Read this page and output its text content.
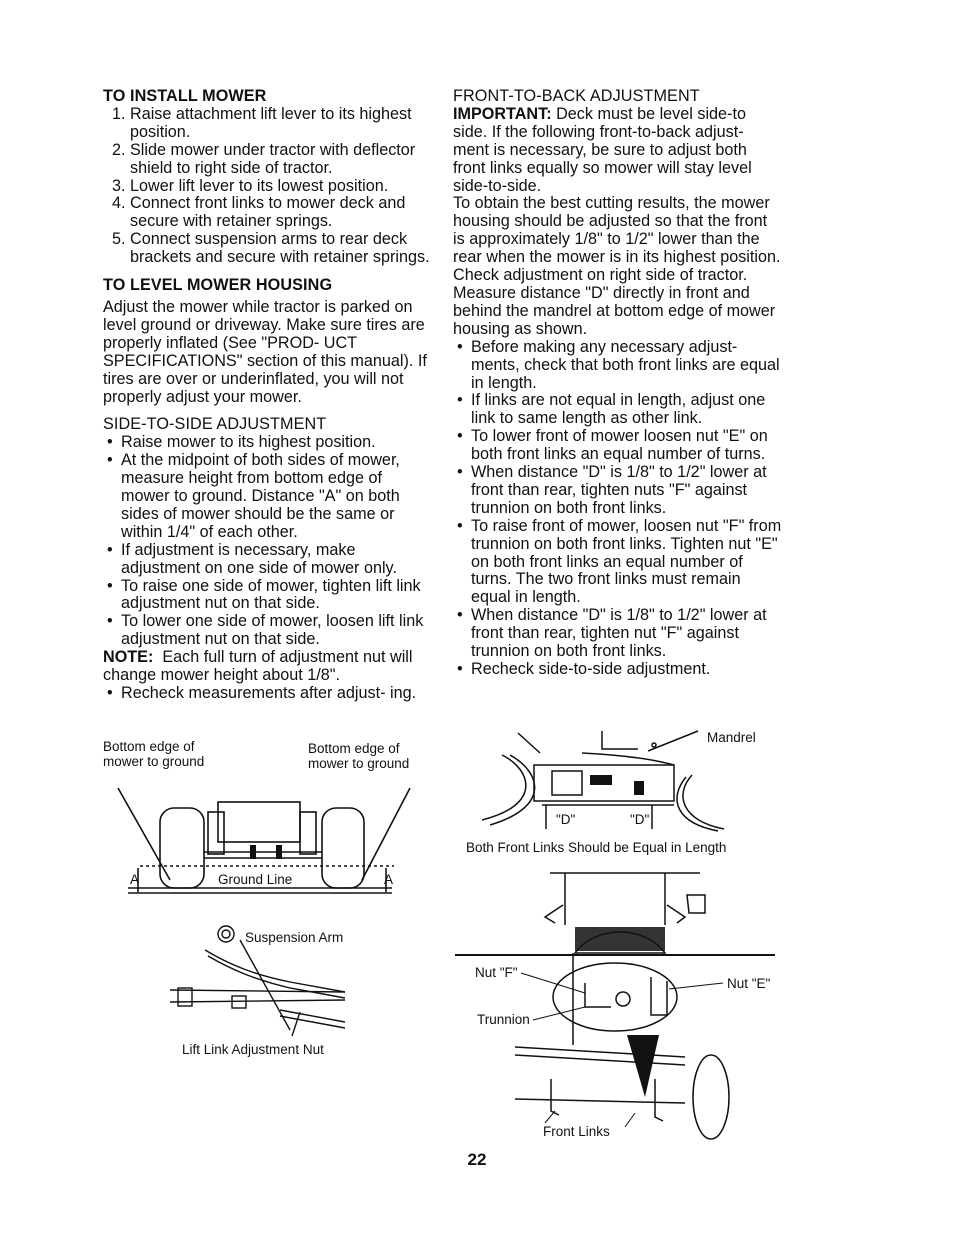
TO INSTALL MOWER
1. Raise attachment lift lever to its highest position.
2. Slide mower under tractor with deflector shield to right side of tractor.
3. Lower lift lever to its lowest position.
4. Connect front links to mower deck and secure with retainer springs.
5. Connect suspension arms to rear deck brackets and secure with retainer springs.
TO LEVEL MOWER HOUSING

Adjust the mower while tractor is parked on level ground or driveway. Make sure tires are properly inflated (See "PROD- UCT SPECIFICATIONS" section of this manual). If tires are over or underinflated, you will not properly adjust your mower.

SIDE-TO-SIDE ADJUSTMENT
• Raise mower to its highest position.
• At the midpoint of both sides of mower, measure height from bottom edge of mower to ground. Distance "A" on both sides of mower should be the same or within 1/4" of each other.
• If adjustment is necessary, make adjustment on one side of mower only.
• To raise one side of mower, tighten lift link adjustment nut on that side.
• To lower one side of mower, loosen lift link adjustment nut on that side.

NOTE: Each full turn of adjustment nut will change mower height about 1/8".

• Recheck measurements after adjust- ing.
Bottom edge of mower to ground
Bottom edge of mower to ground
A	Ground Line	A
Suspension Arm
Lift Link Adjustment Nut
FRONT-TO-BACK ADJUSTMENT

IMPORTANT: Deck must be level side-to side. If the following front-to-back adjust- ment is necessary, be sure to adjust both front links equally so mower will stay level side-to-side.

To obtain the best cutting results, the mower housing should be adjusted so that the front is approximately 1/8" to 1/2" lower than the rear when the mower is in its highest position.

Check adjustment on right side of tractor. Measure distance "D" directly in front and behind the mandrel at bottom edge of mower housing as shown.

• Before making any necessary adjust- ments, check that both front links are equal in length.
• If links are not equal in length, adjust one link to same length as other link.
• To lower front of mower loosen nut "E" on both front links an equal number of turns.
• When distance "D" is 1/8" to 1/2" lower at front than rear, tighten nuts "F" against trunnion on both front links.
• To raise front of mower, loosen nut "F" from trunnion on both front links. Tighten nut "E" on both front links an equal number of turns. The two front links must remain equal in length.
• When distance "D" is 1/8" to 1/2" lower at front than rear, tighten nut "F" against trunnion on both front links.
• Recheck side-to-side adjustment.
Mandrel
"D"	"D"
Both Front Links Should be Equal in Length
Nut "F"
Nut "E"
Trunnion
Front Links
22
